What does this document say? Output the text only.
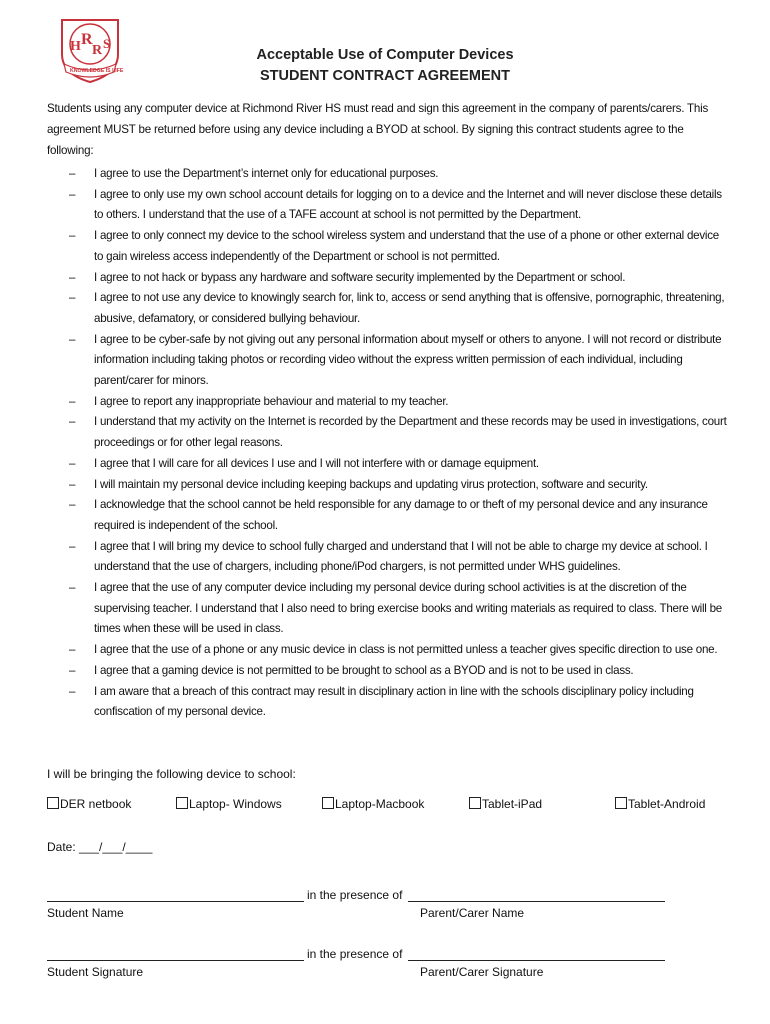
H R
R S
KNOWLEDGE IS LIFE
Acceptable Use of Computer Devices
STUDENT CONTRACT AGREEMENT
Students using any computer device at Richmond River HS must read and sign this agreement in the company of parents/carers. This agreement MUST be returned before using any device including a BYOD at school. By signing this contract students agree to the following:
– I agree to use the Department’s internet only for educational purposes.
– I agree to only use my own school account details for logging on to a device and the Internet and will never disclose these details to others. I understand that the use of a TAFE account at school is not permitted by the Department.
– I agree to only connect my device to the school wireless system and understand that the use of a phone or other external device to gain wireless access independently of the Department or school is not permitted.
– I agree to not hack or bypass any hardware and software security implemented by the Department or school.
– I agree to not use any device to knowingly search for, link to, access or send anything that is offensive, pornographic, threatening, abusive, defamatory, or considered bullying behaviour.
– I agree to be cyber-safe by not giving out any personal information about myself or others to anyone. I will not record or distribute information including taking photos or recording video without the express written permission of each individual, including parent/carer for minors.
– I agree to report any inappropriate behaviour and material to my teacher.
– I understand that my activity on the Internet is recorded by the Department and these records may be used in investigations, court proceedings or for other legal reasons.
– I agree that I will care for all devices I use and I will not interfere with or damage equipment.
– I will maintain my personal device including keeping backups and updating virus protection, software and security.
– I acknowledge that the school cannot be held responsible for any damage to or theft of my personal device and any insurance required is independent of the school.
– I agree that I will bring my device to school fully charged and understand that I will not be able to charge my device at school. I understand that the use of chargers, including phone/iPod chargers, is not permitted under WHS guidelines.
– I agree that the use of any computer device including my personal device during school activities is at the discretion of the supervising teacher. I understand that I also need to bring exercise books and writing materials as required to class. There will be times when these will be used in class.
– I agree that the use of a phone or any music device in class is not permitted unless a teacher gives specific direction to use one.
– I agree that a gaming device is not permitted to be brought to school as a BYOD and is not to be used in class.
– I am aware that a breach of this contract may result in disciplinary action in line with the schools disciplinary policy including confiscation of my personal device.
I will be bringing the following device to school:
DER netbook	Laptop- Windows	Laptop-Macbook	Tablet-iPad	Tablet-Android
Date: ___/___/____
in the presence of
Student Name	Parent/Carer Name
in the presence of
Student Signature	Parent/Carer Signature
